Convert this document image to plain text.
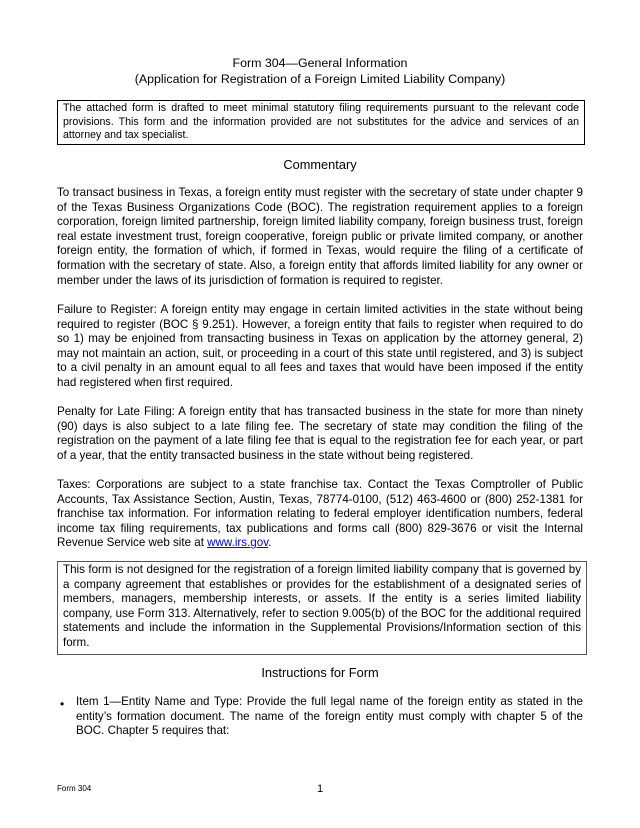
Form 304—General Information
(Application for Registration of a Foreign Limited Liability Company)
The attached form is drafted to meet minimal statutory filing requirements pursuant to the relevant code provisions. This form and the information provided are not substitutes for the advice and services of an attorney and tax specialist.
Commentary
To transact business in Texas, a foreign entity must register with the secretary of state under chapter 9 of the Texas Business Organizations Code (BOC). The registration requirement applies to a foreign corporation, foreign limited partnership, foreign limited liability company, foreign business trust, foreign real estate investment trust, foreign cooperative, foreign public or private limited company, or another foreign entity, the formation of which, if formed in Texas, would require the filing of a certificate of formation with the secretary of state. Also, a foreign entity that affords limited liability for any owner or member under the laws of its jurisdiction of formation is required to register.
Failure to Register: A foreign entity may engage in certain limited activities in the state without being required to register (BOC § 9.251). However, a foreign entity that fails to register when required to do so 1) may be enjoined from transacting business in Texas on application by the attorney general, 2) may not maintain an action, suit, or proceeding in a court of this state until registered, and 3) is subject to a civil penalty in an amount equal to all fees and taxes that would have been imposed if the entity had registered when first required.
Penalty for Late Filing: A foreign entity that has transacted business in the state for more than ninety (90) days is also subject to a late filing fee. The secretary of state may condition the filing of the registration on the payment of a late filing fee that is equal to the registration fee for each year, or part of a year, that the entity transacted business in the state without being registered.
Taxes: Corporations are subject to a state franchise tax. Contact the Texas Comptroller of Public Accounts, Tax Assistance Section, Austin, Texas, 78774-0100, (512) 463-4600 or (800) 252-1381 for franchise tax information. For information relating to federal employer identification numbers, federal income tax filing requirements, tax publications and forms call (800) 829-3676 or visit the Internal Revenue Service web site at www.irs.gov.
This form is not designed for the registration of a foreign limited liability company that is governed by a company agreement that establishes or provides for the establishment of a designated series of members, managers, membership interests, or assets. If the entity is a series limited liability company, use Form 313. Alternatively, refer to section 9.005(b) of the BOC for the additional required statements and include the information in the Supplemental Provisions/Information section of this form.
Instructions for Form
• Item 1—Entity Name and Type: Provide the full legal name of the foreign entity as stated in the entity’s formation document. The name of the foreign entity must comply with chapter 5 of the BOC. Chapter 5 requires that:
Form 304	1
